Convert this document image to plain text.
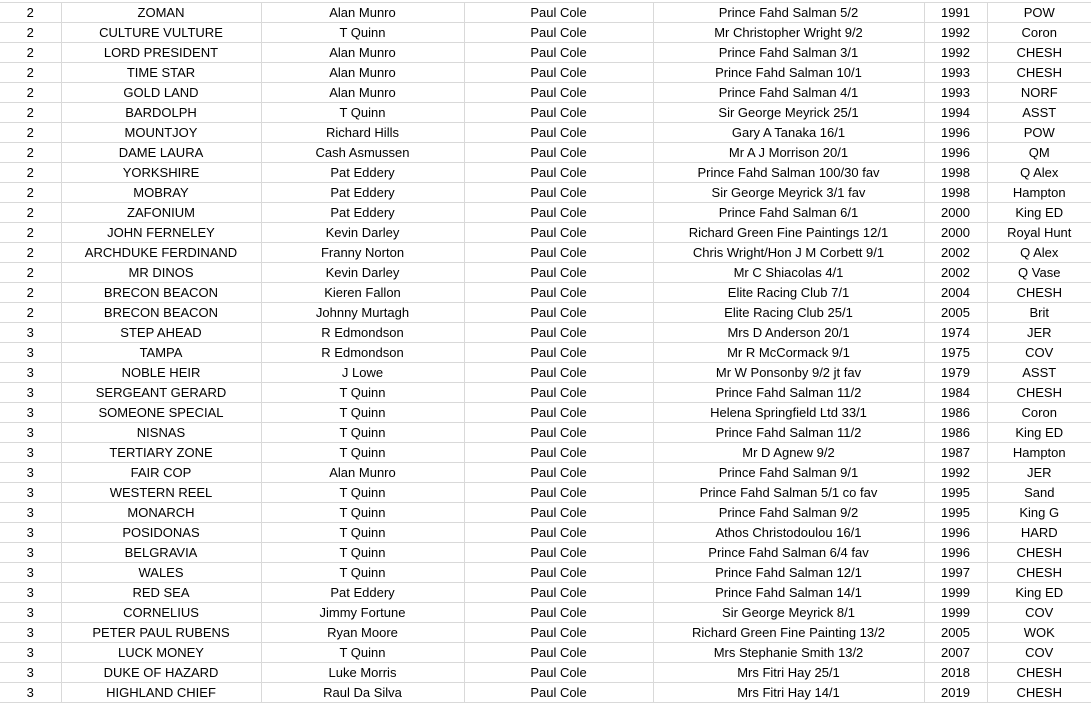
2	ZOMAN	Alan Munro	Paul Cole	Prince Fahd Salman 5/2	1991	POW
2	CULTURE VULTURE	T Quinn	Paul Cole	Mr Christopher Wright 9/2	1992	Coron
2	LORD PRESIDENT	Alan Munro	Paul Cole	Prince Fahd Salman 3/1	1992	CHESH
2	TIME STAR	Alan Munro	Paul Cole	Prince Fahd Salman 10/1	1993	CHESH
2	GOLD LAND	Alan Munro	Paul Cole	Prince Fahd Salman 4/1	1993	NORF
2	BARDOLPH	T Quinn	Paul Cole	Sir George Meyrick 25/1	1994	ASST
2	MOUNTJOY	Richard Hills	Paul Cole	Gary A Tanaka 16/1	1996	POW
2	DAME LAURA	Cash Asmussen	Paul Cole	Mr A J Morrison 20/1	1996	QM
2	YORKSHIRE	Pat Eddery	Paul Cole	Prince Fahd Salman 100/30 fav	1998	Q Alex
2	MOBRAY	Pat Eddery	Paul Cole	Sir George Meyrick 3/1 fav	1998	Hampton
2	ZAFONIUM	Pat Eddery	Paul Cole	Prince Fahd Salman 6/1	2000	King ED
2	JOHN FERNELEY	Kevin Darley	Paul Cole	Richard Green Fine Paintings 12/1	2000	Royal Hunt
2	ARCHDUKE FERDINAND	Franny Norton	Paul Cole	Chris Wright/Hon J M Corbett 9/1	2002	Q Alex
2	MR DINOS	Kevin Darley	Paul Cole	Mr C Shiacolas 4/1	2002	Q Vase
2	BRECON BEACON	Kieren Fallon	Paul Cole	Elite Racing Club 7/1	2004	CHESH
2	BRECON BEACON	Johnny Murtagh	Paul Cole	Elite Racing Club 25/1	2005	Brit
3	STEP AHEAD	R Edmondson	Paul Cole	Mrs D Anderson 20/1	1974	JER
3	TAMPA	R Edmondson	Paul Cole	Mr R McCormack 9/1	1975	COV
3	NOBLE HEIR	J Lowe	Paul Cole	Mr W Ponsonby 9/2 jt fav	1979	ASST
3	SERGEANT GERARD	T Quinn	Paul Cole	Prince Fahd Salman 11/2	1984	CHESH
3	SOMEONE SPECIAL	T Quinn	Paul Cole	Helena Springfield Ltd 33/1	1986	Coron
3	NISNAS	T Quinn	Paul Cole	Prince Fahd Salman 11/2	1986	King ED
3	TERTIARY ZONE	T Quinn	Paul Cole	Mr D Agnew 9/2	1987	Hampton
3	FAIR COP	Alan Munro	Paul Cole	Prince Fahd Salman 9/1	1992	JER
3	WESTERN REEL	T Quinn	Paul Cole	Prince Fahd Salman 5/1 co fav	1995	Sand
3	MONARCH	T Quinn	Paul Cole	Prince Fahd Salman 9/2	1995	King G
3	POSIDONAS	T Quinn	Paul Cole	Athos Christodoulou 16/1	1996	HARD
3	BELGRAVIA	T Quinn	Paul Cole	Prince Fahd Salman 6/4 fav	1996	CHESH
3	WALES	T Quinn	Paul Cole	Prince Fahd Salman 12/1	1997	CHESH
3	RED SEA	Pat Eddery	Paul Cole	Prince Fahd Salman 14/1	1999	King ED
3	CORNELIUS	Jimmy Fortune	Paul Cole	Sir George Meyrick 8/1	1999	COV
3	PETER PAUL RUBENS	Ryan Moore	Paul Cole	Richard Green Fine Painting 13/2	2005	WOK
3	LUCK MONEY	T Quinn	Paul Cole	Mrs Stephanie Smith 13/2	2007	COV
3	DUKE OF HAZARD	Luke Morris	Paul Cole	Mrs Fitri Hay 25/1	2018	CHESH
3	HIGHLAND CHIEF	Raul Da Silva	Paul Cole	Mrs Fitri Hay 14/1	2019	CHESH
